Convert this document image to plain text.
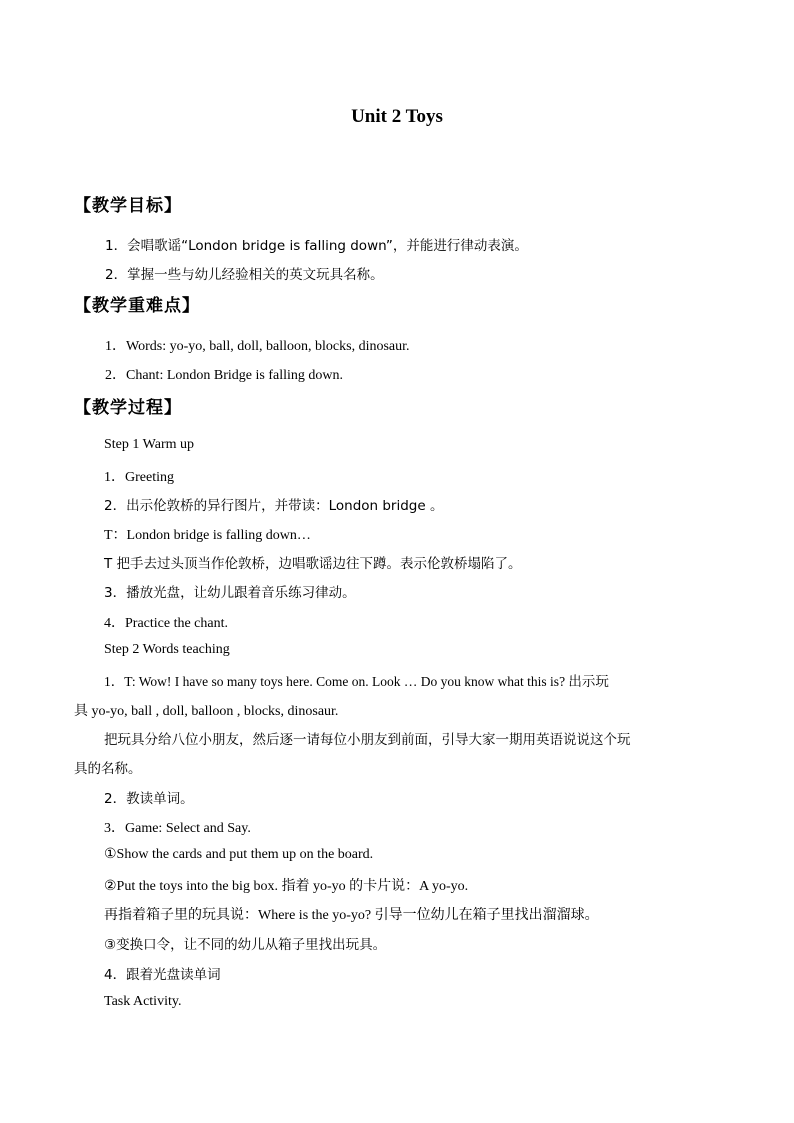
Unit 2 Toys
【教学目标】
1．会唱歌谣“London bridge is falling down”，并能进行律动表演。
2．掌握一些与幼儿经验相关的英文玩具名称。
【教学重难点】
1．Words: yo-yo, ball, doll, balloon, blocks, dinosaur.
2．Chant: London Bridge is falling down.
【教学过程】
Step 1 Warm up
1．Greeting
2．出示伦敦桥的异行图片，并带读：London bridge 。
T：London bridge is falling down…
T 把手去过头顶当作伦敦桥，边唱歌谣边往下蹲。表示伦敦桥塌陷了。
3．播放光盘，让幼儿跟着音乐练习律动。
4．Practice the chant.
Step 2 Words teaching
1．T: Wow! I have so many toys here. Come on. Look … Do you know what this is? 出示玩
具 yo-yo, ball , doll, balloon , blocks, dinosaur.
把玩具分给八位小朋友，然后逐一请每位小朋友到前面，引导大家一期用英语说说这个玩
具的名称。
2．教读单词。
3．Game: Select and Say.
①Show the cards and put them up on the board.
②Put the toys into the big box. 指着 yo-yo 的卡片说：A yo-yo.
再指着箱子里的玩具说：Where is the yo-yo? 引导一位幼儿在箱子里找出溜溜球。
③变换口令，让不同的幼儿从箱子里找出玩具。
4．跟着光盘读单词
Task Activity.
